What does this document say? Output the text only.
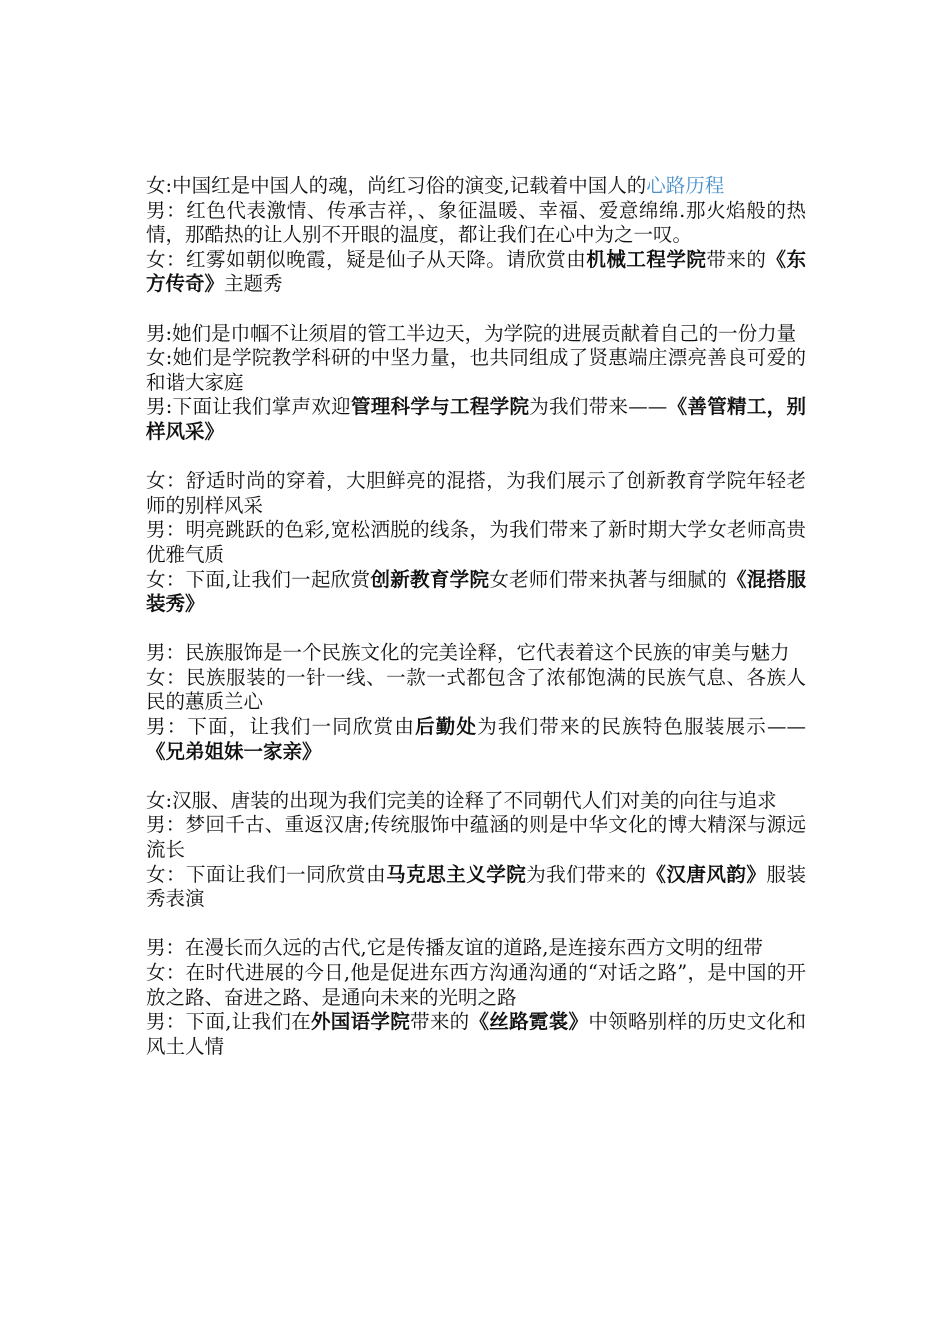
女:中国红是中国人的魂，尚红习俗的演变,记载着中国人的心路历程

男：红色代表激情、传承吉祥，、象征温暖、幸福、爱意绵绵.那火焰般的热情，那酷热的让人别不开眼的温度，都让我们在心中为之一叹。

女：红雾如朝似晚霞，疑是仙子从天降。请欣赏由机械工程学院带来的《东方传奇》主题秀

男:她们是巾帼不让须眉的管工半边天，为学院的进展贡献着自己的一份力量

女:她们是学院教学科研的中坚力量，也共同组成了贤惠端庄漂亮善良可爱的和谐大家庭

男:下面让我们掌声欢迎管理科学与工程学院为我们带来——《善管精工，别样风采》

女：舒适时尚的穿着，大胆鲜亮的混搭，为我们展示了创新教育学院年轻老师的别样风采

男：明亮跳跃的色彩,宽松洒脱的线条，为我们带来了新时期大学女老师高贵优雅气质

女：下面,让我们一起欣赏创新教育学院女老师们带来执著与细腻的《混搭服装秀》

男：民族服饰是一个民族文化的完美诠释，它代表着这个民族的审美与魅力

女：民族服装的一针一线、一款一式都包含了浓郁饱满的民族气息、各族人民的蕙质兰心

男：下面，让我们一同欣赏由后勤处为我们带来的民族特色服装展示——《兄弟姐妹一家亲》

女:汉服、唐装的出现为我们完美的诠释了不同朝代人们对美的向往与追求

男：梦回千古、重返汉唐;传统服饰中蕴涵的则是中华文化的博大精深与源远流长

女：下面让我们一同欣赏由马克思主义学院为我们带来的《汉唐风韵》服装秀表演

男：在漫长而久远的古代,它是传播友谊的道路,是连接东西方文明的纽带

女：在时代进展的今日,他是促进东西方沟通沟通的“对话之路”，是中国的开放之路、奋进之路、是通向未来的光明之路

男：下面,让我们在外国语学院带来的《丝路霓裳》中领略别样的历史文化和风土人情
